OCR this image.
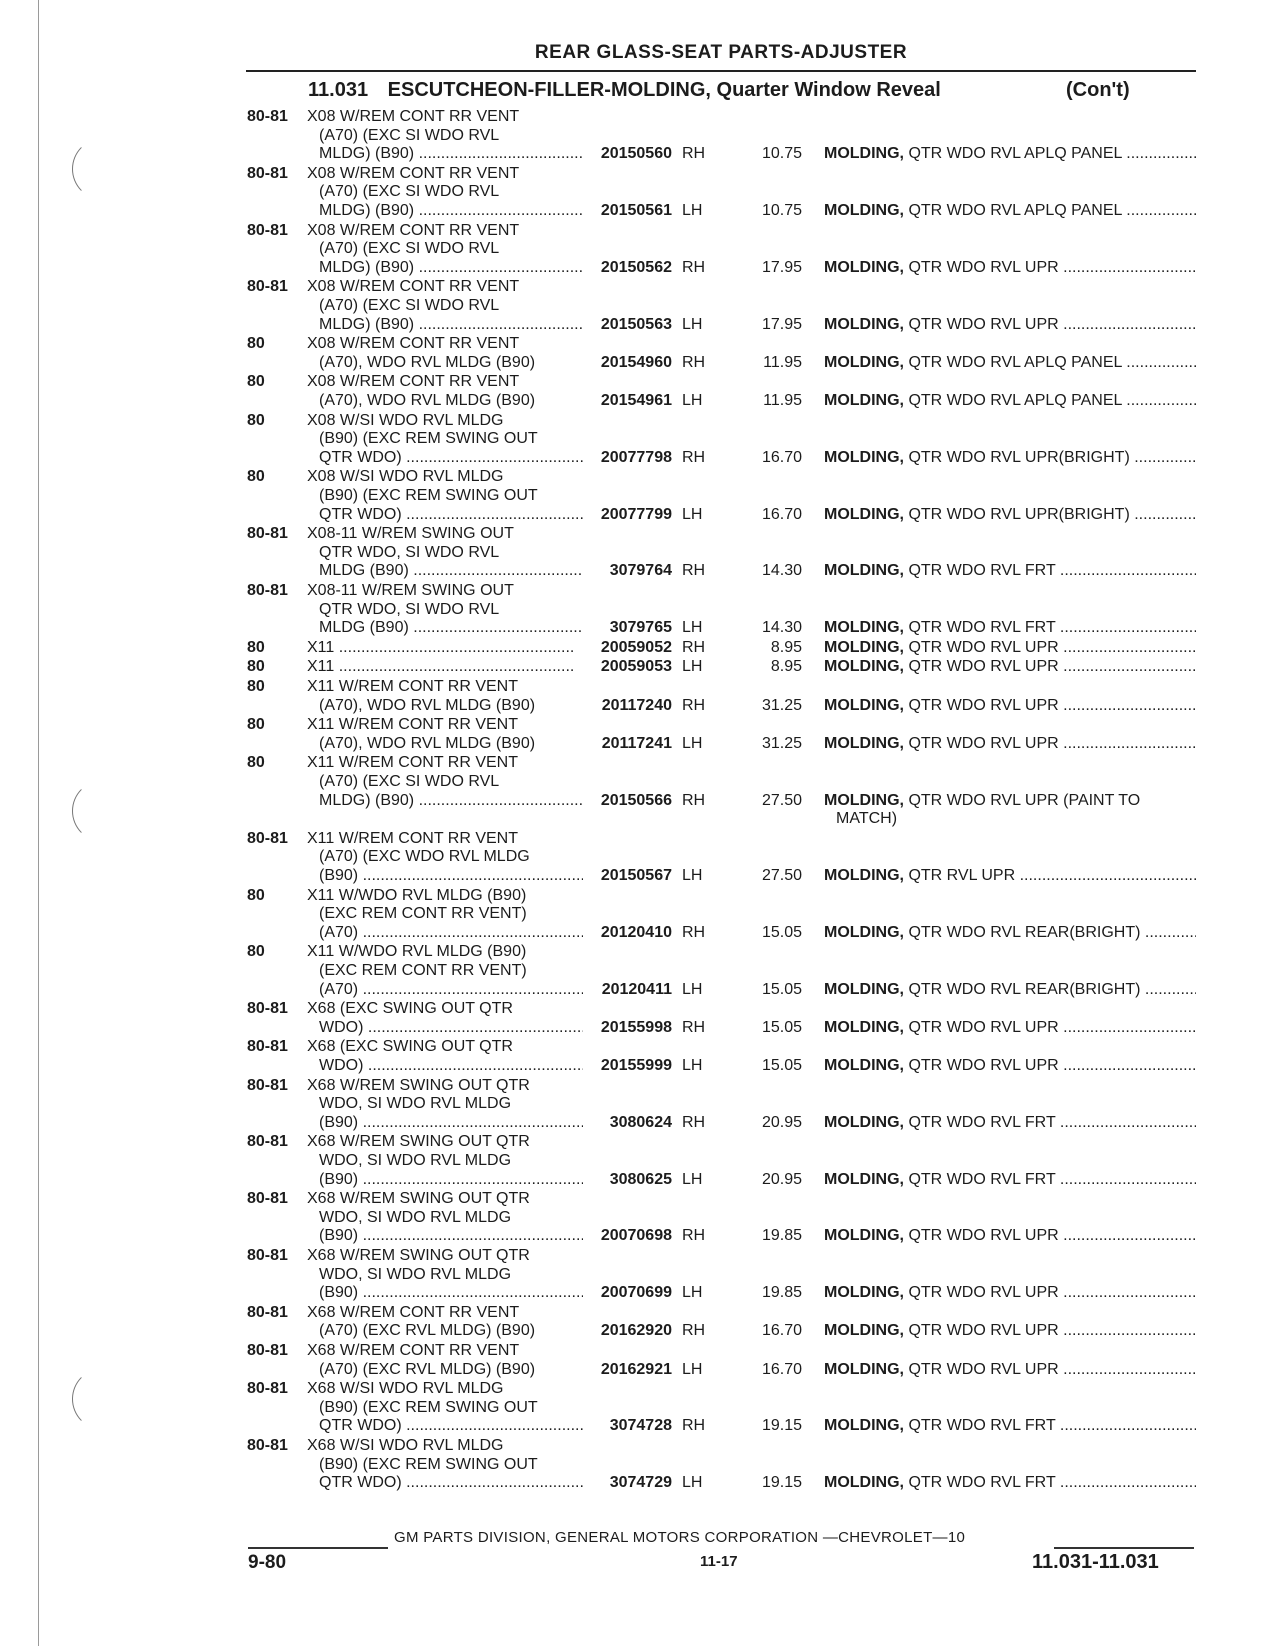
REAR GLASS-SEAT PARTS-ADJUSTER
11.031 ESCUTCHEON-FILLER-MOLDING, Quarter Window Reveal	(Con't)
80-81 X08 W/REM CONT RR VENT
(A70) (EXC SI WDO RVL
MLDG) (B90) .....	20150560 RH	10.75 MOLDING, QTR WDO RVL APLQ PANEL .....
80-81 X08 W/REM CONT RR VENT
(A70) (EXC SI WDO RVL
MLDG) (B90) .....	20150561 LH	10.75 MOLDING, QTR WDO RVL APLQ PANEL .....
80-81 X08 W/REM CONT RR VENT
(A70) (EXC SI WDO RVL
MLDG) (B90) .....	20150562 RH	17.95 MOLDING, QTR WDO RVL UPR .....
80-81 X08 W/REM CONT RR VENT
(A70) (EXC SI WDO RVL
MLDG) (B90) .....	20150563 LH	17.95 MOLDING, QTR WDO RVL UPR .....
80	X08 W/REM CONT RR VENT
(A70), WDO RVL MLDG (B90)	20154960 RH	11.95 MOLDING, QTR WDO RVL APLQ PANEL .....
80	X08 W/REM CONT RR VENT
(A70), WDO RVL MLDG (B90)	20154961 LH	11.95 MOLDING, QTR WDO RVL APLQ PANEL .....
80	X08 W/SI WDO RVL MLDG
(B90) (EXC REM SWING OUT
QTR WDO) .....	20077798 RH	16.70 MOLDING, QTR WDO RVL UPR(BRIGHT) .....
80	X08 W/SI WDO RVL MLDG
(B90) (EXC REM SWING OUT
QTR WDO) .....	20077799 LH	16.70 MOLDING, QTR WDO RVL UPR(BRIGHT) .....
80-81 X08-11 W/REM SWING OUT
QTR WDO, SI WDO RVL
MLDG (B90) .....	3079764 RH	14.30 MOLDING, QTR WDO RVL FRT .....
80-81 X08-11 W/REM SWING OUT
QTR WDO, SI WDO RVL
MLDG (B90) .....	3079765 LH	14.30 MOLDING, QTR WDO RVL FRT .....
80	X11 .....	20059052 RH	8.95 MOLDING, QTR WDO RVL UPR .....
80	X11 .....	20059053 LH	8.95 MOLDING, QTR WDO RVL UPR .....
80	X11 W/REM CONT RR VENT
(A70), WDO RVL MLDG (B90)	20117240 RH	31.25 MOLDING, QTR WDO RVL UPR .....
80	X11 W/REM CONT RR VENT
(A70), WDO RVL MLDG (B90)	20117241 LH	31.25 MOLDING, QTR WDO RVL UPR .....
80	X11 W/REM CONT RR VENT
(A70) (EXC SI WDO RVL
MLDG) (B90) .....	20150566 RH	27.50 MOLDING, QTR WDO RVL UPR (PAINT TO
MATCH)
80-81 X11 W/REM CONT RR VENT
(A70) (EXC WDO RVL MLDG
(B90) .....	20150567 LH	27.50 MOLDING, QTR RVL UPR .....
80	X11 W/WDO RVL MLDG (B90)
(EXC REM CONT RR VENT)
(A70) .....	20120410 RH	15.05 MOLDING, QTR WDO RVL REAR(BRIGHT) .....
80	X11 W/WDO RVL MLDG (B90)
(EXC REM CONT RR VENT)
(A70) .....	20120411 LH	15.05 MOLDING, QTR WDO RVL REAR(BRIGHT) .....
80-81 X68 (EXC SWING OUT QTR
WDO) .....	20155998 RH	15.05 MOLDING, QTR WDO RVL UPR .....
80-81 X68 (EXC SWING OUT QTR
WDO) .....	20155999 LH	15.05 MOLDING, QTR WDO RVL UPR .....
80-81 X68 W/REM SWING OUT QTR
WDO, SI WDO RVL MLDG
(B90) .....	3080624 RH	20.95 MOLDING, QTR WDO RVL FRT .....
80-81 X68 W/REM SWING OUT QTR
WDO, SI WDO RVL MLDG
(B90) .....	3080625 LH	20.95 MOLDING, QTR WDO RVL FRT .....
80-81 X68 W/REM SWING OUT QTR
WDO, SI WDO RVL MLDG
(B90) .....	20070698 RH	19.85 MOLDING, QTR WDO RVL UPR .....
80-81 X68 W/REM SWING OUT QTR
WDO, SI WDO RVL MLDG
(B90) .....	20070699 LH	19.85 MOLDING, QTR WDO RVL UPR .....
80-81 X68 W/REM CONT RR VENT
(A70) (EXC RVL MLDG) (B90)	20162920 RH	16.70 MOLDING, QTR WDO RVL UPR .....
80-81 X68 W/REM CONT RR VENT
(A70) (EXC RVL MLDG) (B90)	20162921 LH	16.70 MOLDING, QTR WDO RVL UPR .....
80-81 X68 W/SI WDO RVL MLDG
(B90) (EXC REM SWING OUT
QTR WDO) .....	3074728 RH	19.15 MOLDING, QTR WDO RVL FRT .....
80-81 X68 W/SI WDO RVL MLDG
(B90) (EXC REM SWING OUT
QTR WDO) .....	3074729 LH	19.15 MOLDING, QTR WDO RVL FRT .....
GM PARTS DIVISION, GENERAL MOTORS CORPORATION —CHEVROLET—10
9-80	11-17	11.031-11.031
